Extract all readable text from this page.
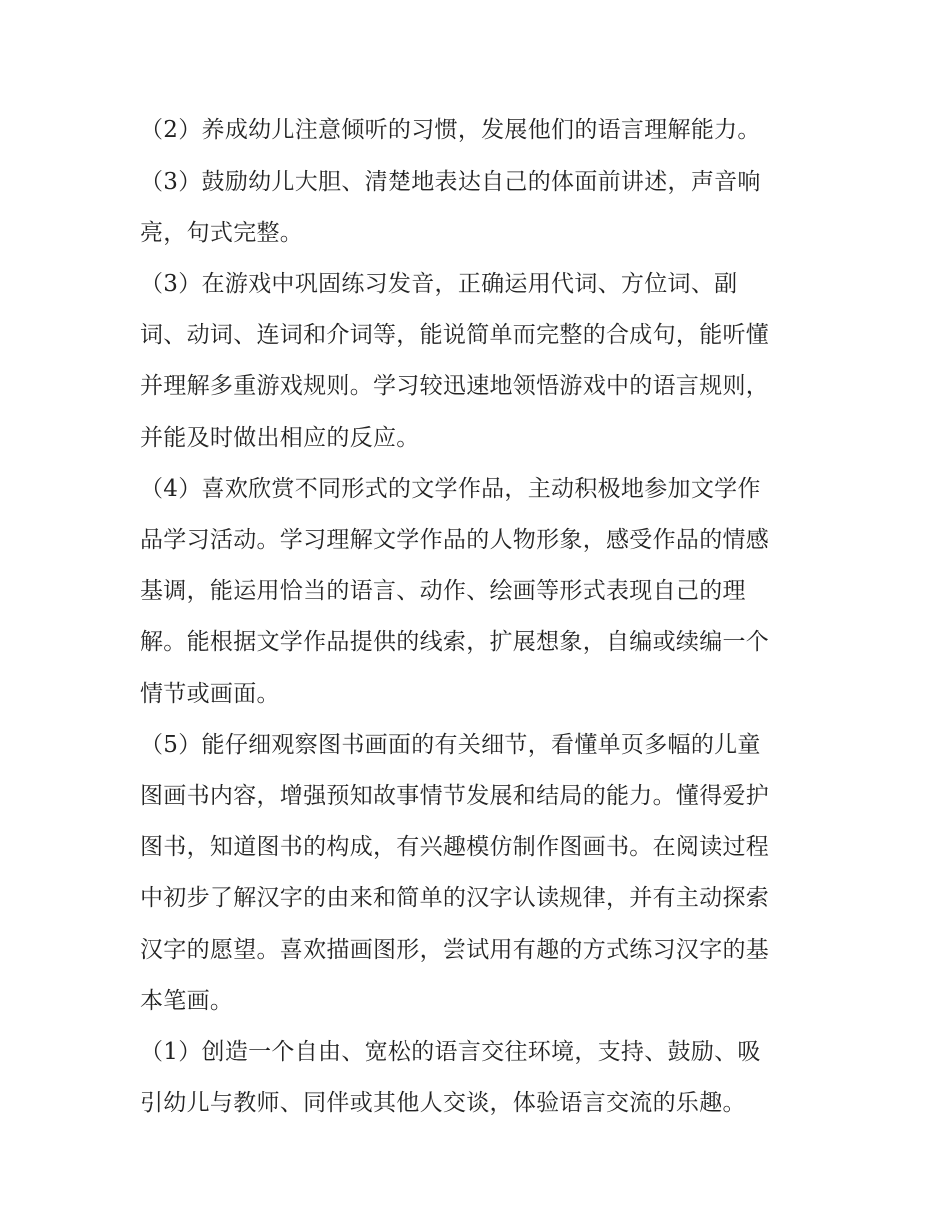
（2）养成幼儿注意倾听的习惯，发展他们的语言理解能力。
（3）鼓励幼儿大胆、清楚地表达自己的体面前讲述，声音响
亮，句式完整。
（3）在游戏中巩固练习发音，正确运用代词、方位词、副
词、动词、连词和介词等，能说简单而完整的合成句，能听懂
并理解多重游戏规则。学习较迅速地领悟游戏中的语言规则，
并能及时做出相应的反应。
（4）喜欢欣赏不同形式的文学作品，主动积极地参加文学作
品学习活动。学习理解文学作品的人物形象，感受作品的情感
基调，能运用恰当的语言、动作、绘画等形式表现自己的理
解。能根据文学作品提供的线索，扩展想象，自编或续编一个
情节或画面。
（5）能仔细观察图书画面的有关细节，看懂单页多幅的儿童
图画书内容，增强预知故事情节发展和结局的能力。懂得爱护
图书，知道图书的构成，有兴趣模仿制作图画书。在阅读过程
中初步了解汉字的由来和简单的汉字认读规律，并有主动探索
汉字的愿望。喜欢描画图形，尝试用有趣的方式练习汉字的基
本笔画。
（1）创造一个自由、宽松的语言交往环境，支持、鼓励、吸
引幼儿与教师、同伴或其他人交谈，体验语言交流的乐趣。
